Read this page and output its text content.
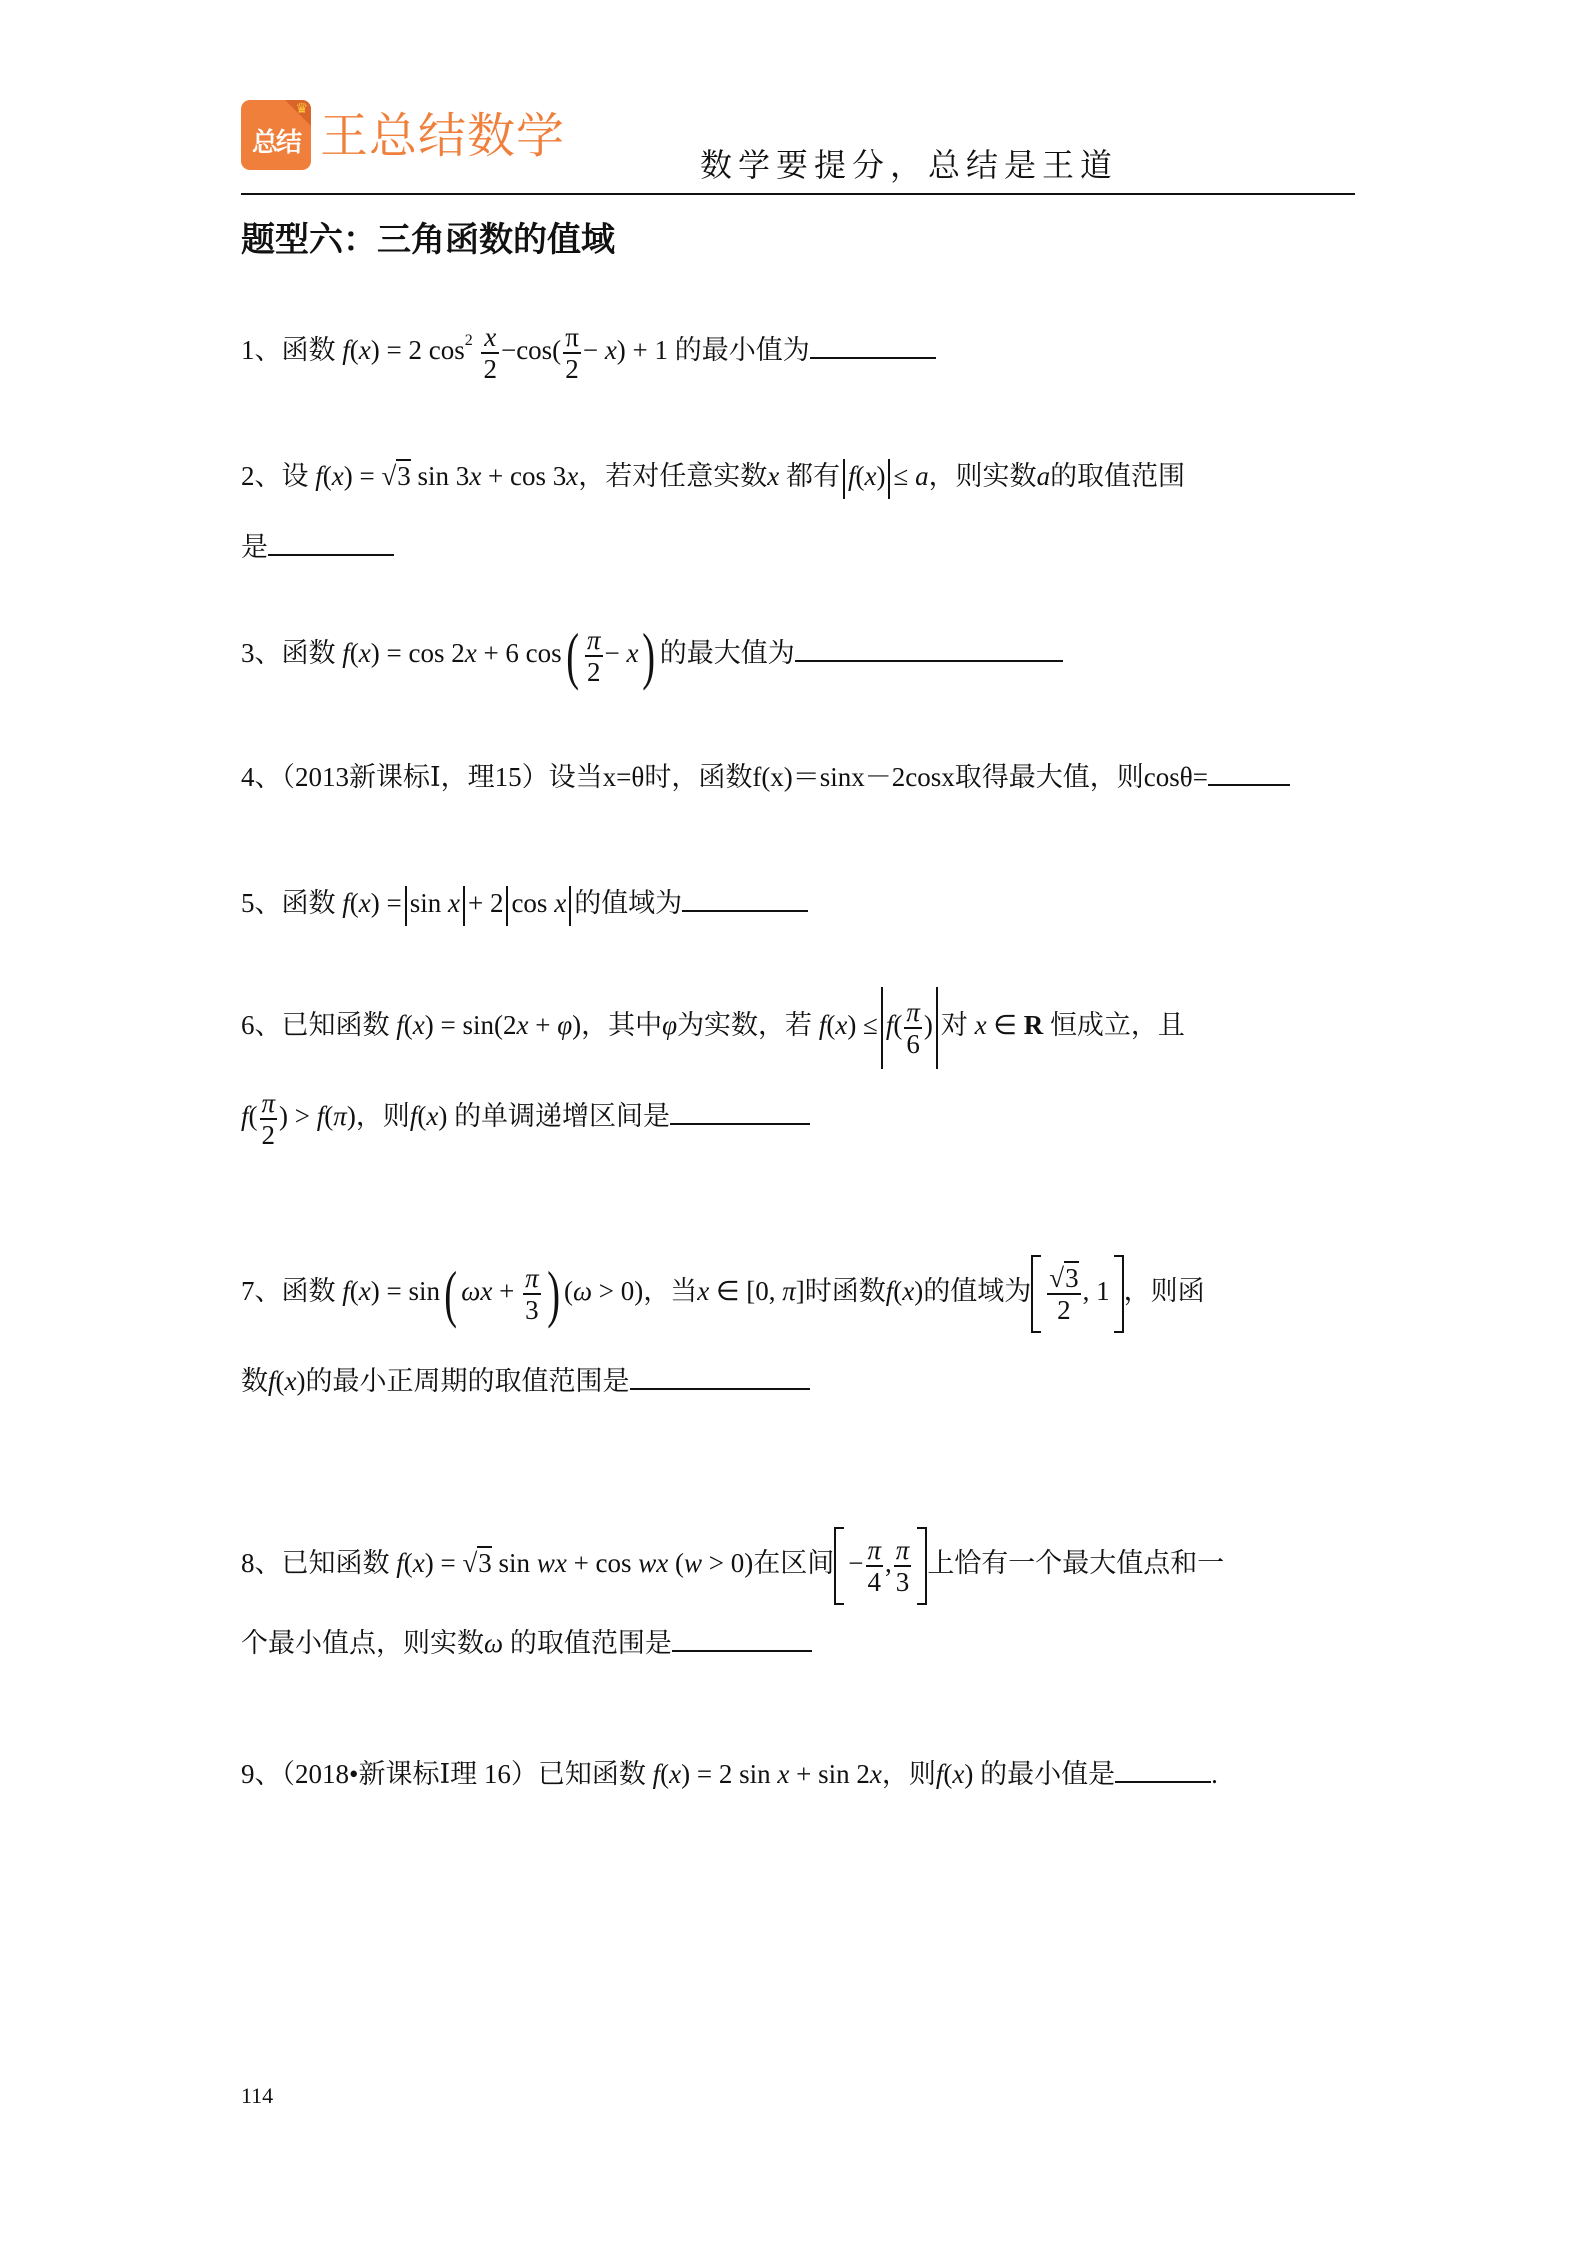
♛
总结 王总结数学
数学要提分，总结是王道
题型六：三角函数的值域
1、函数 f(x) = 2 $\cos^2 \frac{x}{2} -\cos( \frac{\pi}{2} - x) + 1$ 的最小值为
2、设 f(x) = √3 sin 3x + cos 3x，若对任意实数x 都有 f(x) ≤ a，则实数a的取值范围
是
3、函数 f(x) = cos 2x + 6 $\cos( \frac{\pi}{2} - x)$ 的最大值为
4、（2013新课标Ⅰ，理15）设当x=θ时，函数f(x)＝sinx－2cosx取得最大值，则cosθ=
5、函数 f(x) = sin x + 2 cos x 的值域为
6、已知函数 f(x) = sin(2x + φ)，其中φ为实数，若 $f(x) \le f( \frac{\pi}{6}$ ) 对 x ∈ R 恒成立，且
$f( \frac{\pi}{2}$ ) > f(π)，则f(x) 的单调递增区间是
7、函数 f(x) = sin( $\omega x + \frac{\pi}{3}$ ) (ω > 0)，当x ∈ [0, π]时函数f(x)的值域为 $\frac{√3}{2}$ , 1 ，则函
数f(x)的最小正周期的取值范围是
8、已知函数 f(x) = √3 sin wx + cos wx (w > 0)在区间 − $\frac{\pi}{4}$ , $\frac{\pi}{3}$ 上恰有一个最大值点和一
个最小值点，则实数ω 的取值范围是
9、（2018•新课标Ⅰ理 16）已知函数 f(x) = 2 sin x + sin 2x，则f(x) 的最小值是	.
114
